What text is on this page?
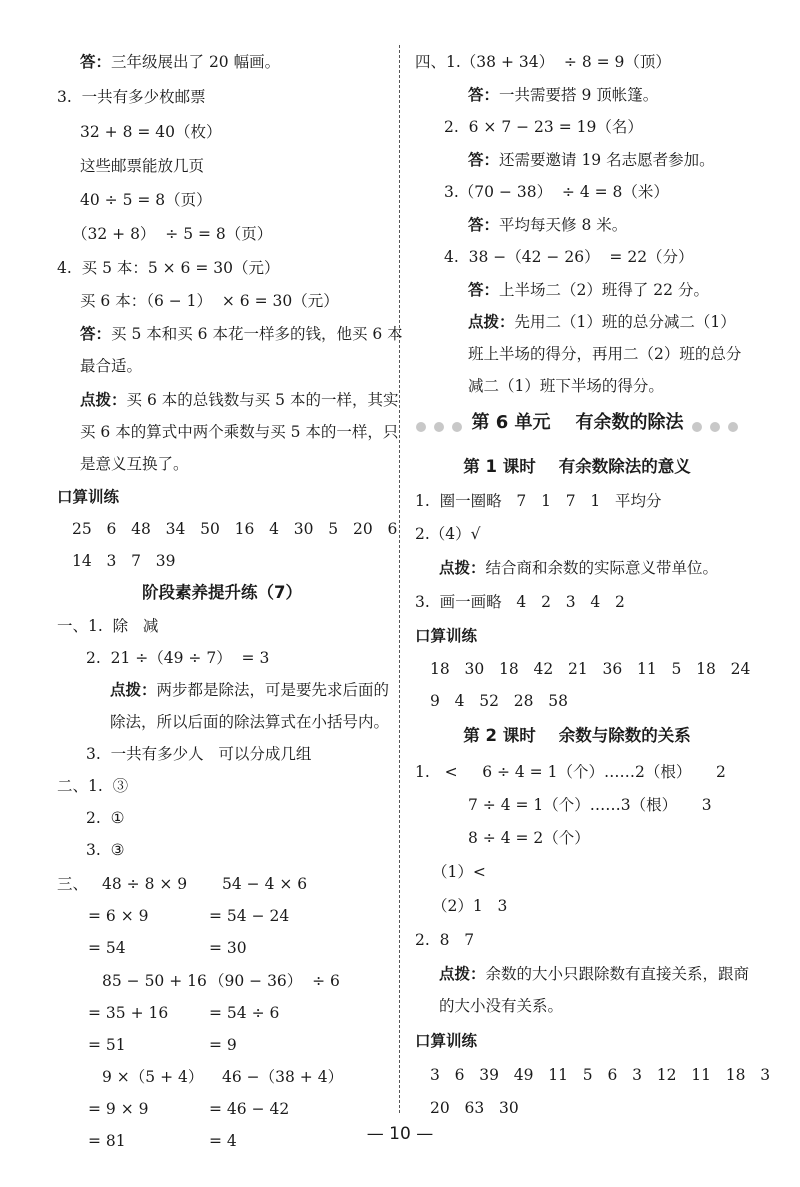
答：三年级展出了 20 幅画。
3.  一共有多少枚邮票
32 + 8 = 40（枚）
这些邮票能放几页
40 ÷ 5 = 8（页）
（32 + 8）  ÷ 5 = 8（页）
4.  买 5 本：5 × 6 = 30（元）
买 6 本：（6 − 1）  × 6 = 30（元）
答：买 5 本和买 6 本花一样多的钱，他买 6 本
最合适。
点拨：买 6 本的总钱数与买 5 本的一样，其实
买 6 本的算式中两个乘数与买 5 本的一样，只
是意义互换了。
口算训练
25   6   48   34   50   16   4   30   5   20   6
14   3   7   39
阶段素养提升练（7）
一、1.  除   减
2.  21 ÷（49 ÷ 7）  = 3
点拨：两步都是除法，可是要先求后面的
除法，所以后面的除法算式在小括号内。
3.  一共有多少人   可以分成几组
二、1.  ③
2.  ①
3.  ③
三、 48 ÷ 8 × 9
= 6 × 9
= 54
54 − 4 × 6
= 54 − 24
= 30
85 − 50 + 16
= 35 + 16
= 51
（90 − 36）  ÷ 6
= 54 ÷ 6
= 9
9 ×（5 + 4）
= 9 × 9
= 81
46 −（38 + 4）
= 46 − 42
= 4
四、1.（38 + 34）  ÷ 8 = 9（顶）
答：一共需要搭 9 顶帐篷。
2.  6 × 7 − 23 = 19（名）
答：还需要邀请 19 名志愿者参加。
3.（70 − 38）  ÷ 4 = 8（米）
答：平均每天修 8 米。
4.  38 −（42 − 26）  = 22（分）
答：上半场二（2）班得了 22 分。
点拨：先用二（1）班的总分减二（1）
班上半场的得分，再用二（2）班的总分
减二（1）班下半场的得分。
第 6 单元    有余数的除法
第 1 课时    有余数除法的意义
1.  圈一圈略   7   1   7   1   平均分
2.（4）√
点拨：结合商和余数的实际意义带单位。
3.  画一画略   4   2   3   4   2
口算训练
18   30   18   42   21   36   11   5   18   24
9   4   52   28   58
第 2 课时    余数与除数的关系
1.   <     6 ÷ 4 = 1（个）……2（根）     2
7 ÷ 4 = 1（个）……3（根）     3
8 ÷ 4 = 2（个）
（1）<
（2）1   3
2.  8   7
点拨：余数的大小只跟除数有直接关系，跟商
的大小没有关系。
口算训练
3   6   39   49   11   5   6   3   12   11   18   3
20   63   30
— 10 —
